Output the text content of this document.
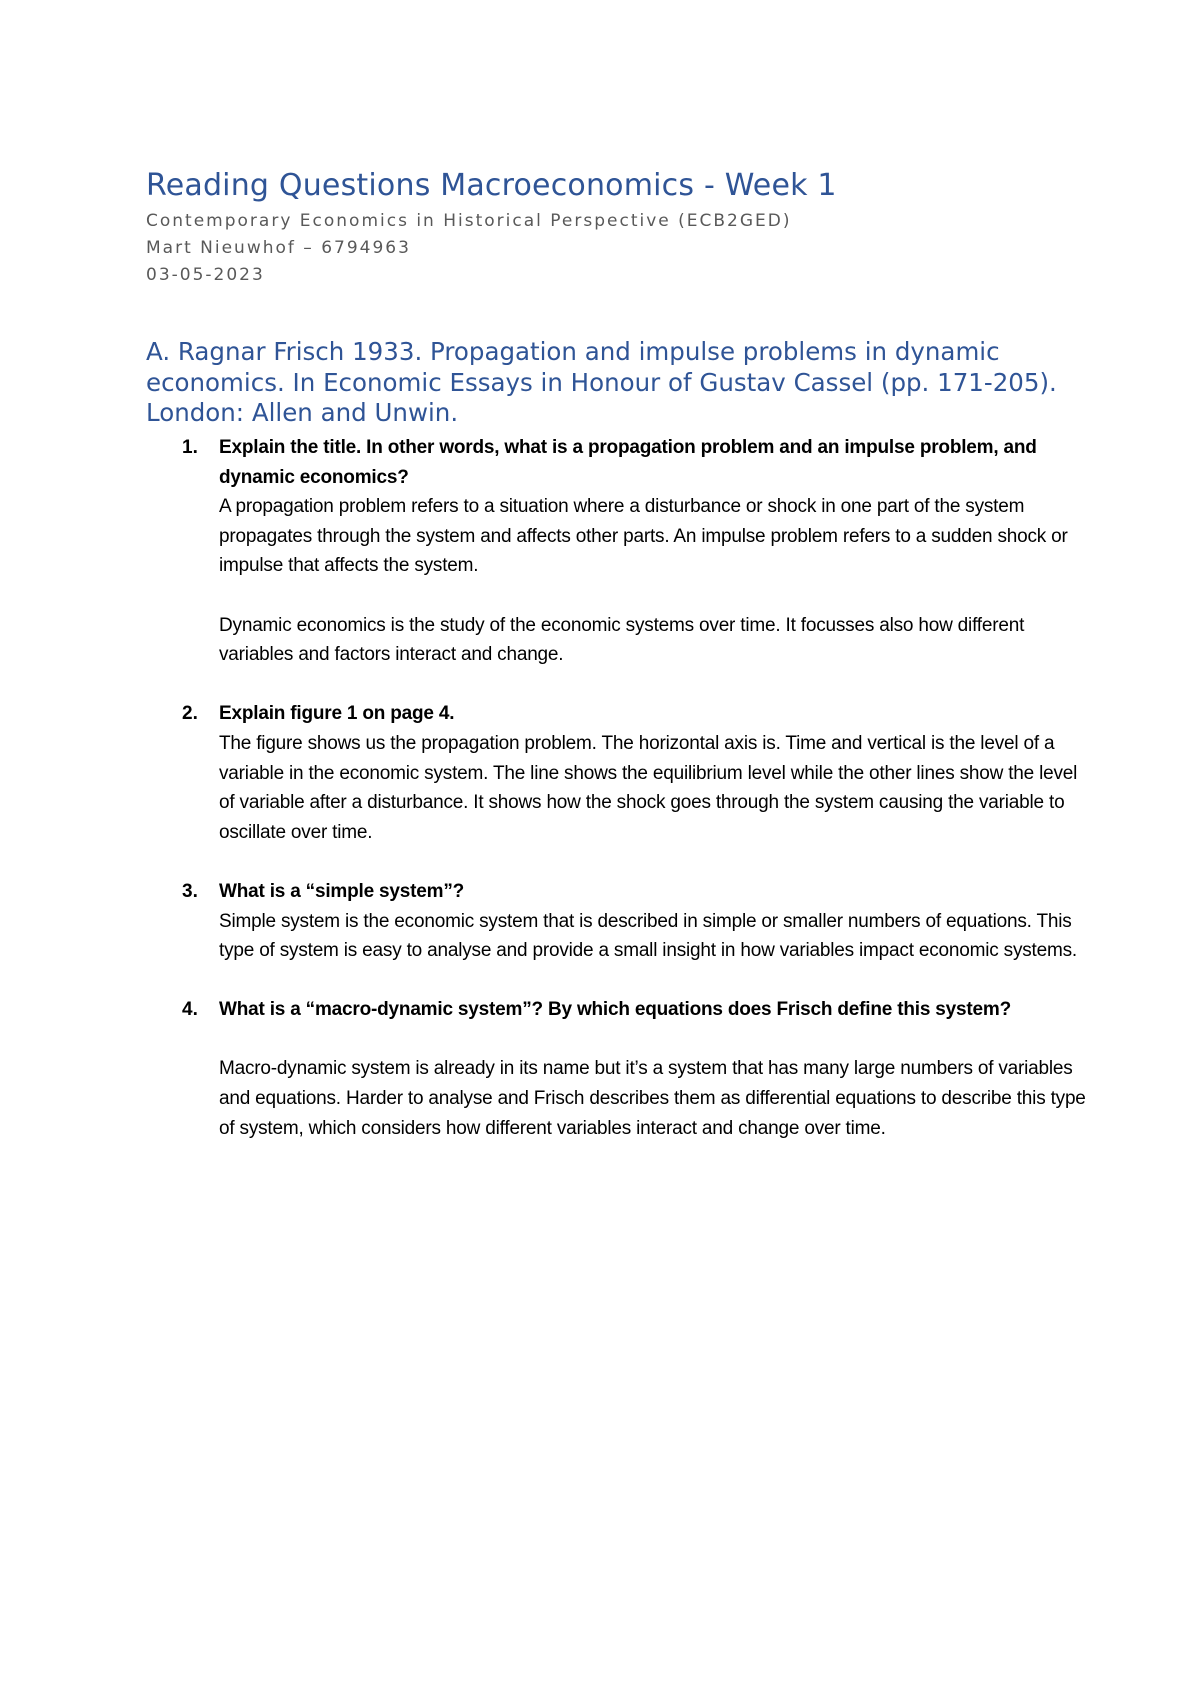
Reading Questions Macroeconomics - Week 1
Contemporary Economics in Historical Perspective (ECB2GED)
Mart Nieuwhof – 6794963
03-05-2023
A. Ragnar Frisch 1933. Propagation and impulse problems in dynamic economics. In Economic Essays in Honour of Gustav Cassel (pp. 171-205). London: Allen and Unwin.
1. Explain the title. In other words, what is a propagation problem and an impulse problem, and dynamic economics?
A propagation problem refers to a situation where a disturbance or shock in one part of the system propagates through the system and affects other parts. An impulse problem refers to a sudden shock or impulse that affects the system.
Dynamic economics is the study of the economic systems over time. It focusses also how different variables and factors interact and change.
2. Explain figure 1 on page 4.
The figure shows us the propagation problem. The horizontal axis is. Time and vertical is the level of a variable in the economic system. The line shows the equilibrium level while the other lines show the level of variable after a disturbance. It shows how the shock goes through the system causing the variable to oscillate over time.
3. What is a “simple system”?
Simple system is the economic system that is described in simple or smaller numbers of equations. This type of system is easy to analyse and provide a small insight in how variables impact economic systems.
4. What is a “macro-dynamic system”? By which equations does Frisch define this system?
Macro-dynamic system is already in its name but it’s a system that has many large numbers of variables and equations. Harder to analyse and Frisch describes them as differential equations to describe this type of system, which considers how different variables interact and change over time.
